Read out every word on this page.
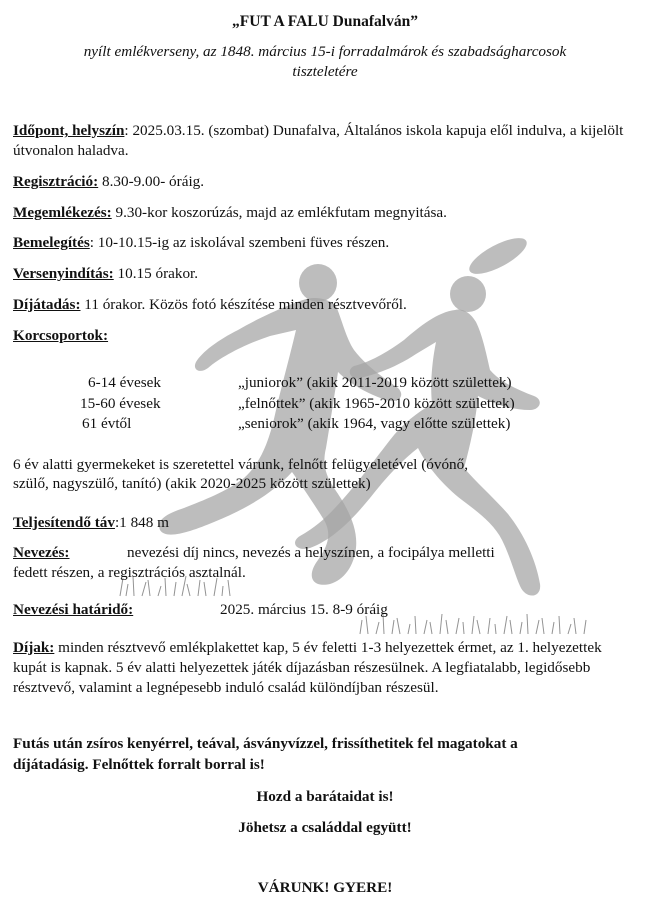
„FUT A FALU Dunafalván”
nyílt emlékverseny, az 1848. március 15-i forradalmárok és szabadságharcosok
tiszteletére
Időpont, helyszín: 2025.03.15. (szombat) Dunafalva, Általános iskola kapuja elől indulva, a kijelölt útvonalon haladva.
Regisztráció: 8.30-9.00- óráig.
Megemlékezés: 9.30-kor koszorúzás, majd az emlékfutam megnyitása.
Bemelegítés: 10-10.15-ig az iskolával szembeni füves részen.
Versenyindítás: 10.15 órakor.
Díjátadás: 11 órakor. Közös fotó készítése minden résztvevőről.
Korcsoportok:
6-14 évesek	„juniorok” (akik 2011-2019 között születtek)
15-60 évesek	„felnőttek” (akik 1965-2010 között születtek)
61 évtől	„seniorok” (akik 1964, vagy előtte születtek)
6 év alatti gyermekeket is szeretettel várunk, felnőtt felügyeletével (óvónő,
szülő, nagyszülő, tanító) (akik 2020-2025 között születtek)
Teljesítendő táv:1 848 m
Nevezés:	nevezési díj nincs, nevezés a helyszínen, a focipálya melletti
fedett részen, a regisztrációs asztalnál.
Nevezési határidő:	2025. március 15. 8-9 óráig
Díjak: minden résztvevő emlékplakettet kap, 5 év feletti 1-3 helyezettek érmet, az 1. helyezettek kupát is kapnak. 5 év alatti helyezettek játék díjazásban részesülnek. A legfiatalabb, legidősebb résztvevő, valamint a legnépesebb induló család különdíjban részesül.
Futás után zsíros kenyérrel, teával, ásványvízzel, frissíthetitek fel magatokat a
díjátadásig. Felnőttek forralt borral is!
Hozd a barátaidat is!
Jöhetsz a családdal együtt!
VÁRUNK! GYERE!
